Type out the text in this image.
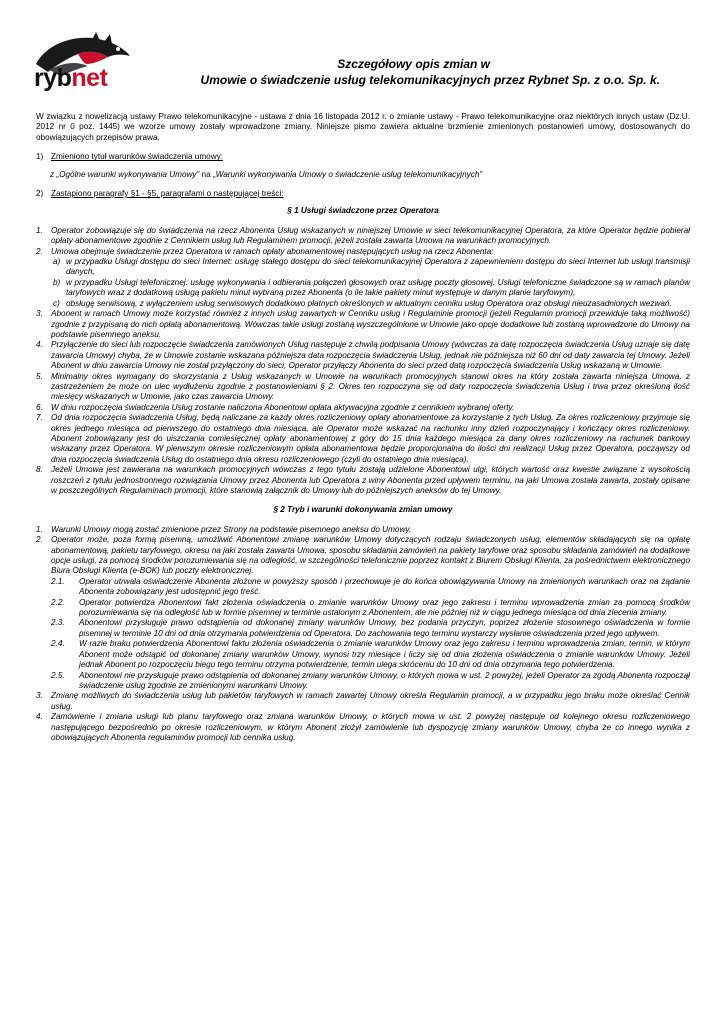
rybnet	Szczegółowy opis zmian w
Umowie o świadczenie usług telekomunikacyjnych przez Rybnet Sp. z o.o. Sp. k.

W związku z nowelizacją ustawy Prawo telekomunikacyjne - ustawa z dnia 16 listopada 2012 r. o zmianie ustawy - Prawo telekomunikacyjne oraz niektórych innych ustaw (Dz.U. 2012 nr 0 poz. 1445) we wzorze umowy zostały wprowadzone zmiany. Niniejsze pismo zawiera aktualne brzmienie zmienionych postanowień umowy, dostosowanych do obowiązujących przepisów prawa.

1) Zmieniono tytuł warunków świadczenia umowy:
z „Ogólne warunki wykonywania Umowy” na „Warunki wykonywania Umowy o świadczenie usług telekomunikacyjnych”
2) Zastąpiono paragrafy §1 - §5, paragrafami o następującej treści:
§ 1 Usługi świadczone przez Operatora
1. Operator zobowiązuje się do świadczenia na rzecz Abonenta Usług wskazanych w niniejszej Umowie w sieci telekomunikacyjnej Operatora, za które Operator będzie pobierał opłaty abonamentowe zgodnie z Cennikiem usług lub Regulaminem promocji, jeżeli została zawarta Umowa na warunkach promocyjnych.
2. Umowa obejmuje świadczenie przez Operatora w ramach opłaty abonamentowej następujących usług na rzecz Abonenta:
a) w przypadku Usługi dostępu do sieci Internet: usługę stałego dostępu do sieci telekomunikacyjnej Operatora z zapewnieniem dostępu do sieci Internet lub usługi transmisji danych,
b) w przypadku Usługi telefonicznej: usługę wykonywania i odbierania połączeń głosowych oraz usługę poczty głosowej. Usługi telefoniczne świadczone są w ramach planów taryfowych wraz z dodatkową usługą pakietu minut wybraną przez Abonenta (o ile takie pakiety minut występuje w danym planie taryfowym),
c) obsługę serwisową, z wyłączeniem usług serwisowych dodatkowo płatnych określonych w aktualnym cenniku usług Operatora oraz obsługi nieuzasadnionych wezwań.
3. Abonent w ramach Umowy może korzystać również z innych usług zawartych w Cenniku usług i Regulaminie promocji (jeżeli Regulamin promocji przewiduje taką możliwość) zgodnie z przypisaną do nich opłatą abonamentową. Wówczas takie usługi zostaną wyszczególnione w Umowie jako opcje dodatkowe lub zostaną wprowadzone do Umowy na podstawie pisemnego aneksu.
4. Przyłączenie do sieci lub rozpoczęcie świadczenia zamówionych Usług następuje z chwilą podpisania Umowy (wówczas za datę rozpoczęcia świadczenia Usług uznaje się datę zawarcia Umowy) chyba, że w Umowie zostanie wskazana późniejsza data rozpoczęcia świadczenia Usług, jednak nie późniejsza niż 60 dni od daty zawarcia tej Umowy. Jeżeli Abonent w dniu zawarcia Umowy nie został przyłączony do sieci, Operator przyłączy Abonenta do sieci przed datą rozpoczęcia świadczenia Usług wskazaną w Umowie.
5. Minimalny okres wymagany do skorzystania z Usług wskazanych w Umowie na warunkach promocyjnych stanowi okres na który została zawarta niniejsza Umowa, z zastrzeżeniem że może on ulec wydłużeniu zgodnie z postanowieniami § 2. Okres ten rozpoczyna się od daty rozpoczęcia świadczenia Usług i trwa przez określoną ilość miesięcy wskazanych w Umowie, jako czas zawarcia Umowy.
6. W dniu rozpoczęcia świadczenia Usług zostanie naliczona Abonentowi opłata aktywacyjna zgodnie z cennikiem wybranej oferty.
7. Od dnia rozpoczęcia świadczenia Usług, będą naliczane za każdy okres rozliczeniowy opłaty abonamentowe za korzystanie z tych Usług. Za okres rozliczeniowy przyjmuje się okres jednego miesiąca od pierwszego do ostatniego dnia miesiąca, ale Operator może wskazać na rachunku inny dzień rozpoczynający i kończący okres rozliczeniowy. Abonent zobowiązany jest do uiszczania comiesięcznej opłaty abonamentowej z góry do 15 dnia każdego miesiąca za dany okres rozliczeniowy na rachunek bankowy wskazany przez Operatora. W pierwszym okresie rozliczeniowym opłata abonamentowa będzie proporcjonalna do ilości dni realizacji Usług przez Operatora, począwszy od dnia rozpoczęcia świadczenia Usług do ostatniego dnia okresu rozliczeniowego (czyli do ostatniego dnia miesiąca).
8. Jeżeli Umowa jest zawierana na warunkach promocyjnych wówczas z tego tytułu zostają udzielone Abonentowi ulgi, których wartość oraz kwestie związane z wysokością roszczeń z tytułu jednostronnego rozwiązania Umowy przez Abonenta lub Operatora z winy Abonenta przed upływem terminu, na jaki Umowa została zawarta, zostały opisane w poszczególnych Regulaminach promocji, które stanowią załącznik do Umowy lub do późniejszych aneksów do tej Umowy.
§ 2 Tryb i warunki dokonywania zmian umowy
1. Warunki Umowy mogą zostać zmienione przez Strony na podstawie pisemnego aneksu do Umowy.
2. Operator może, poza formą pisemną, umożliwić Abonentowi zmianę warunków Umowy dotyczących rodzaju świadczonych usług, elementów składających się na opłatę abonamentową, pakietu taryfowego, okresu na jaki została zawarta Umowa, sposobu składania zamówień na pakiety taryfowe oraz sposobu składania zamówień na dodatkowe opcje usługi, za pomocą środków porozumiewania się na odległość, w szczególności telefonicznie poprzez kontakt z Biurem Obsługi Klienta, za pośrednictwem elektronicznego Biura Obsługi Klienta (e-BOK) lub poczty elektronicznej.
2.1. Operator utrwala oświadczenie Abonenta złożone w powyższy sposób i przechowuje je do końca obowiązywania Umowy na zmienionych warunkach oraz na żądanie Abonenta zobowiązany jest udostępnić jego treść.
2.2. Operator potwierdza Abonentowi fakt złożenia oświadczenia o zmianie warunków Umowy oraz jego zakresu i terminu wprowadzenia zmian za pomocą środków porozumiewania się na odległość lub w formie pisemnej w terminie ustalonym z Abonentem, ale nie później niż w ciągu jednego miesiąca od dnia zlecenia zmiany.
2.3. Abonentowi przysługuje prawo odstąpienia od dokonanej zmiany warunków Umowy, bez podania przyczyn, poprzez złożenie stosownego oświadczenia w formie pisemnej w terminie 10 dni od dnia otrzymania potwierdzenia od Operatora. Do zachowania tego terminu wystarczy wysłanie oświadczenia przed jego upływem.
2.4. W razie braku potwierdzenia Abonentowi faktu złożenia oświadczenia o zmianie warunków Umowy oraz jego zakresu i terminu wprowadzenia zmian, termin, w którym Abonent może odstąpić od dokonanej zmiany warunków Umowy, wynosi trzy miesiące i liczy się od dnia złożenia oświadczenia o zmianie warunków Umowy. Jeżeli jednak Abonent po rozpoczęciu biegu tego terminu otrzyma potwierdzenie, termin ulega skróceniu do 10 dni od dnia otrzymania tego potwierdzenia.
2.5. Abonentowi nie przysługuje prawo odstąpienia od dokonanej zmiany warunków Umowy, o których mowa w ust. 2 powyżej, jeżeli Operator za zgodą Abonenta rozpoczął świadczenie usług zgodnie ze zmienionymi warunkami Umowy.
3. Zmianę możliwych do świadczenia usług lub pakietów taryfowych w ramach zawartej Umowy określa Regulamin promocji, a w przypadku jego braku może określać Cennik usług.
4. Zamówienie i zmiana usługi lub planu taryfowego oraz zmiana warunków Umowy, o których mowa w ust. 2 powyżej następuje od kolejnego okresu rozliczeniowego następującego bezpośrednio po okresie rozliczeniowym, w którym Abonent złożył zamówienie lub dyspozycję zmiany warunków Umowy, chyba że co innego wynika z obowiązujących Abonenta regulaminów promocji lub cennika usług.
